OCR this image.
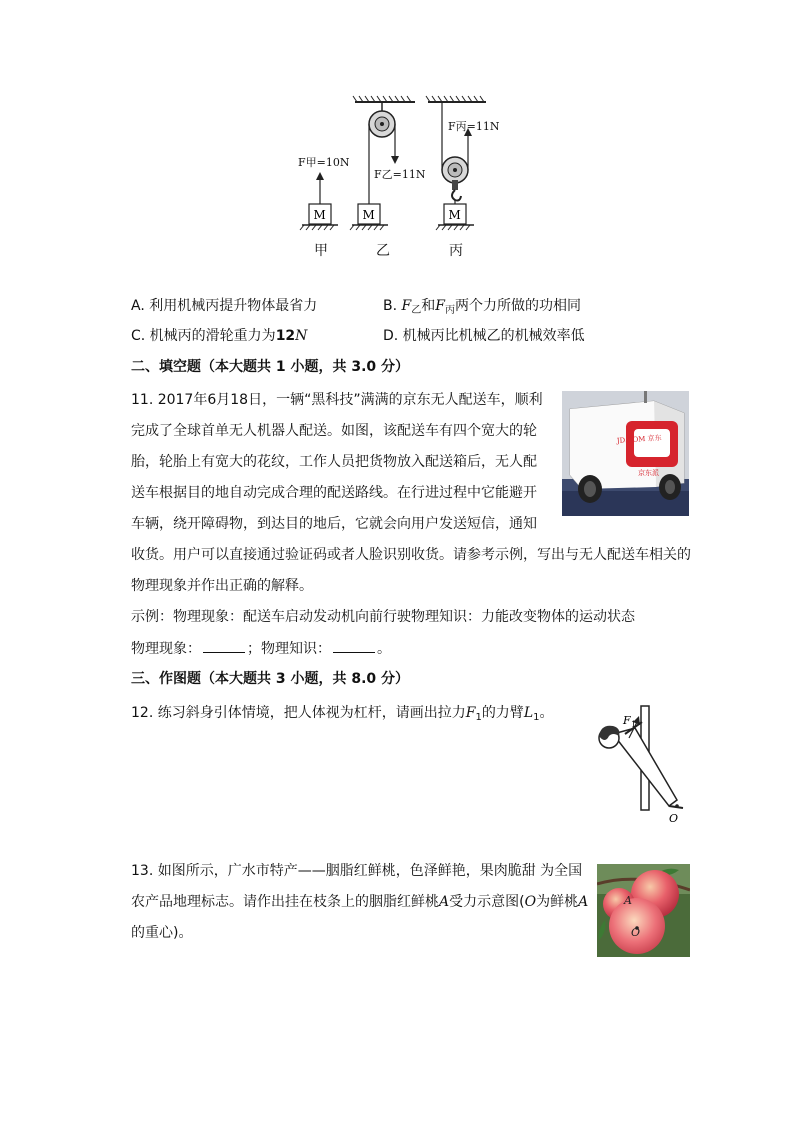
F甲=10N
M
F乙=11N
M
F丙=11N
M
甲	乙	丙
A. 利用机械丙提升物体最省力	B. $F_乙$和$F_丙$两个力所做的功相同
C. 机械丙的滑轮重力为12N	D. 机械丙比机械乙的机械效率低
二、填空题（本大题共 1 小题，共 3.0 分）
11. 2017年6月18日，一辆“黑科技”满满的京东无人配送车，顺利
完成了全球首单无人机器人配送。如图，该配送车有四个宽大的轮
胎，轮胎上有宽大的花纹，工作人员把货物放入配送箱后，无人配
送车根据目的地自动完成合理的配送路线。在行进过程中它能避开
车辆，绕开障碍物，到达目的地后，它就会向用户发送短信，通知
收货。用户可以直接通过验证码或者人脸识别收货。请参考示例，写出与无人配送车相关的
物理现象并作出正确的解释。
示例：物理现象：配送车启动发动机向前行驶物理知识：力能改变物体的运动状态
物理现象：	；物理知识：	。
JD.COM 京东
京东派
三、作图题（本大题共 3 小题，共 8.0 分）
12. 练习斜身引体情境，把人体视为杠杆，请画出拉力$F_1$的力臂$L_1$。	F 1
O
13. 如图所示，广水市特产——胭脂红鲜桃，色泽鲜艳，果肉脆甜 为全国
农产品地理标志。请作出挂在枝条上的胭脂红鲜桃A受力示意图(O为鲜桃A
的重心)。
A
O
